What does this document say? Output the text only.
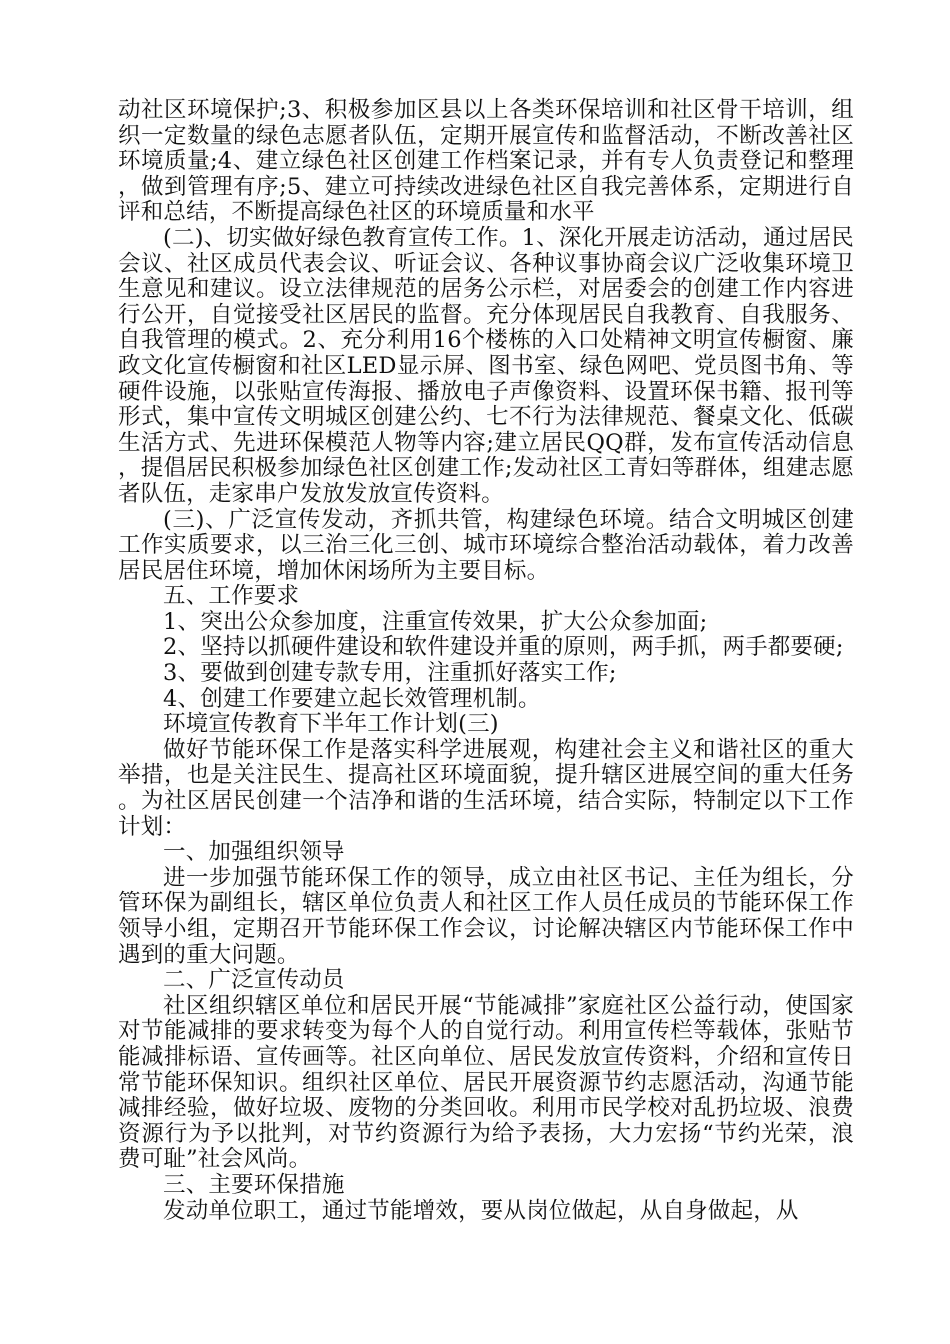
动社区环境保护;3、积极参加区县以上各类环保培训和社区骨干培训，组织一定数量的绿色志愿者队伍，定期开展宣传和监督活动，不断改善社区环境质量;4、建立绿色社区创建工作档案记录，并有专人负责登记和整理，做到管理有序;5、建立可持续改进绿色社区自我完善体系，定期进行自评和总结，不断提高绿色社区的环境质量和水平

(二)、切实做好绿色教育宣传工作。1、深化开展走访活动，通过居民会议、社区成员代表会议、听证会议、各种议事协商会议广泛收集环境卫生意见和建议。设立法律规范的居务公示栏，对居委会的创建工作内容进行公开，自觉接受社区居民的监督。充分体现居民自我教育、自我服务、自我管理的模式。2、充分利用16个楼栋的入口处精神文明宣传橱窗、廉政文化宣传橱窗和社区LED显示屏、图书室、绿色网吧、党员图书角、等硬件设施，以张贴宣传海报、播放电子声像资料、设置环保书籍、报刊等形式，集中宣传文明城区创建公约、七不行为法律规范、餐桌文化、低碳生活方式、先进环保模范人物等内容;建立居民QQ群，发布宣传活动信息，提倡居民积极参加绿色社区创建工作;发动社区工青妇等群体，组建志愿者队伍，走家串户发放发放宣传资料。

(三)、广泛宣传发动，齐抓共管，构建绿色环境。结合文明城区创建工作实质要求，以三治三化三创、城市环境综合整治活动载体，着力改善居民居住环境，增加休闲场所为主要目标。

五、工作要求

1、突出公众参加度，注重宣传效果，扩大公众参加面;

2、坚持以抓硬件建设和软件建设并重的原则，两手抓，两手都要硬;

3、要做到创建专款专用，注重抓好落实工作;

4、创建工作要建立起长效管理机制。

环境宣传教育下半年工作计划(三)

做好节能环保工作是落实科学进展观，构建社会主义和谐社区的重大举措，也是关注民生、提高社区环境面貌，提升辖区进展空间的重大任务。为社区居民创建一个洁净和谐的生活环境，结合实际，特制定以下工作计划：

一、加强组织领导

进一步加强节能环保工作的领导，成立由社区书记、主任为组长，分管环保为副组长，辖区单位负责人和社区工作人员任成员的节能环保工作领导小组，定期召开节能环保工作会议，讨论解决辖区内节能环保工作中遇到的重大问题。

二、广泛宣传动员

社区组织辖区单位和居民开展“节能减排”家庭社区公益行动，使国家对节能减排的要求转变为每个人的自觉行动。利用宣传栏等载体，张贴节能减排标语、宣传画等。社区向单位、居民发放宣传资料，介绍和宣传日常节能环保知识。组织社区单位、居民开展资源节约志愿活动，沟通节能减排经验，做好垃圾、废物的分类回收。利用市民学校对乱扔垃圾、浪费资源行为予以批判，对节约资源行为给予表扬，大力宏扬“节约光荣，浪费可耻”社会风尚。

三、主要环保措施

发动单位职工，通过节能增效，要从岗位做起，从自身做起，从
